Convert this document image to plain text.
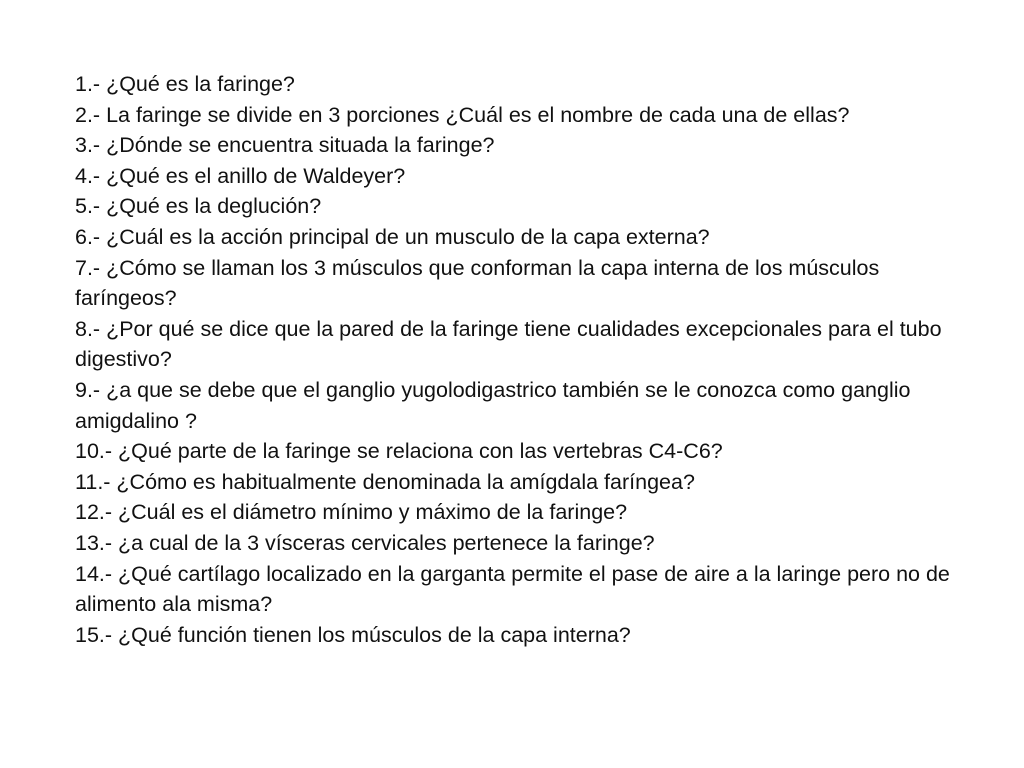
1.- ¿Qué es la faringe?
2.- La faringe se divide en 3 porciones ¿Cuál es el nombre de cada una de ellas?
3.- ¿Dónde se encuentra situada la faringe?
4.- ¿Qué es el anillo de Waldeyer?
5.- ¿Qué es la deglución?
6.- ¿Cuál es la acción principal de un musculo de la capa externa?
7.- ¿Cómo se llaman los 3 músculos que conforman la capa interna de los músculos faríngeos?
8.- ¿Por qué se dice que la pared de la faringe tiene cualidades excepcionales para el tubo digestivo?
9.- ¿a que se debe que el ganglio yugolodigastrico también se le conozca como ganglio amigdalino ?
10.- ¿Qué parte de la faringe se relaciona con las vertebras C4-C6?
11.- ¿Cómo es habitualmente denominada la amígdala faríngea?
12.- ¿Cuál es el diámetro mínimo y máximo de la faringe?
13.- ¿a cual de la 3 vísceras cervicales pertenece la faringe?
14.- ¿Qué cartílago localizado en la garganta permite el pase de aire a la laringe pero no de alimento ala misma?
15.- ¿Qué función tienen los músculos de la capa interna?
